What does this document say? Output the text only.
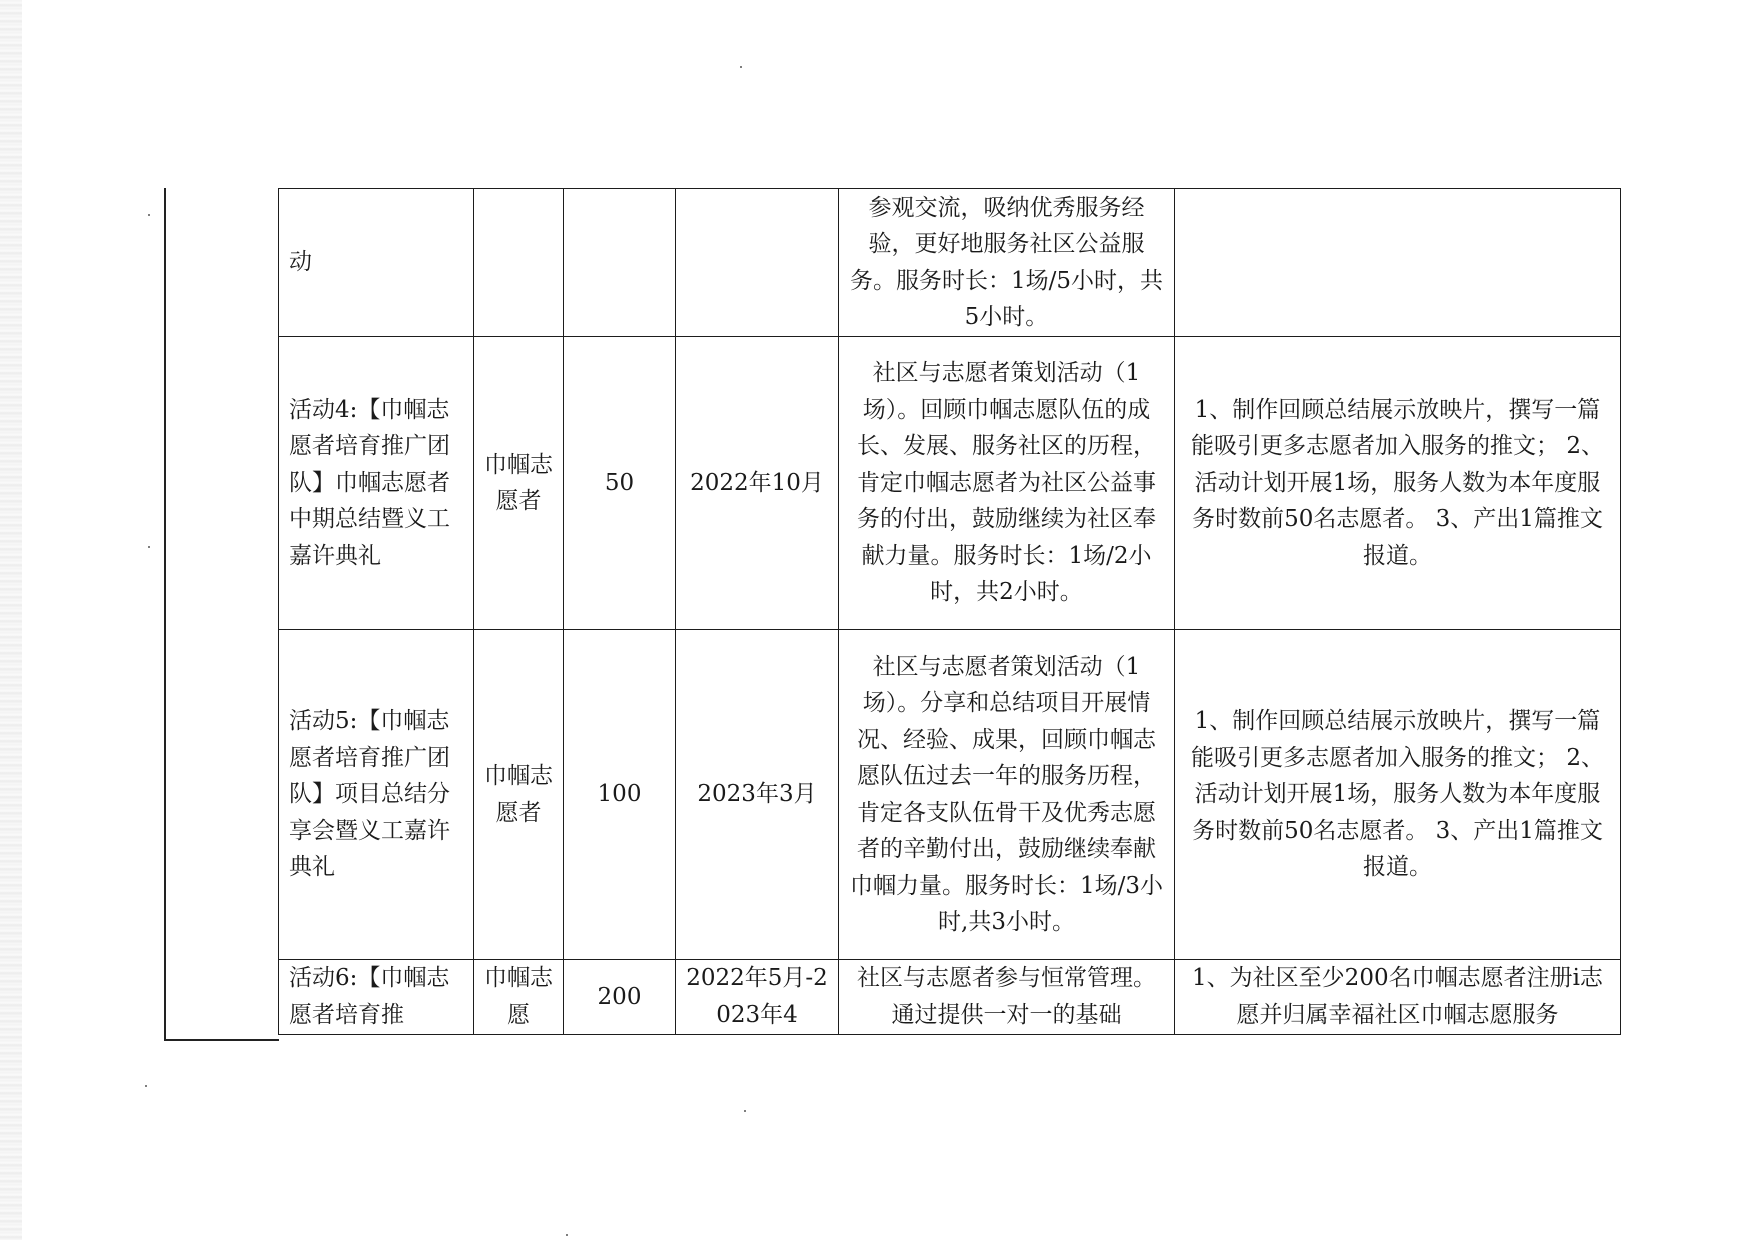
动				参观交流，吸纳优秀服务经验，更好地服务社区公益服务。服务时长：1场/5小时，共5小时。	
活动4:【巾帼志愿者培育推广团队】巾帼志愿者中期总结暨义工嘉许典礼	巾帼志愿者	50	2022年10月	社区与志愿者策划活动（1场）。回顾巾帼志愿队伍的成长、发展、服务社区的历程，肯定巾帼志愿者为社区公益事务的付出，鼓励继续为社区奉献力量。服务时长：1场/2小时，共2小时。	1、制作回顾总结展示放映片，撰写一篇能吸引更多志愿者加入服务的推文； 2、活动计划开展1场，服务人数为本年度服务时数前50名志愿者。 3、产出1篇推文报道。
活动5:【巾帼志愿者培育推广团队】项目总结分享会暨义工嘉许典礼	巾帼志愿者	100	2023年3月	社区与志愿者策划活动（1场）。分享和总结项目开展情况、经验、成果，回顾巾帼志愿队伍过去一年的服务历程，肯定各支队伍骨干及优秀志愿者的辛勤付出，鼓励继续奉献巾帼力量。服务时长：1场/3小时,共3小时。	1、制作回顾总结展示放映片，撰写一篇能吸引更多志愿者加入服务的推文； 2、活动计划开展1场，服务人数为本年度服务时数前50名志愿者。 3、产出1篇推文报道。
活动6:【巾帼志愿者培育推	巾帼志愿	200	2022年5月-2023年4	社区与志愿者参与恒常管理。通过提供一对一的基础	1、为社区至少200名巾帼志愿者注册i志愿并归属幸福社区巾帼志愿服务
